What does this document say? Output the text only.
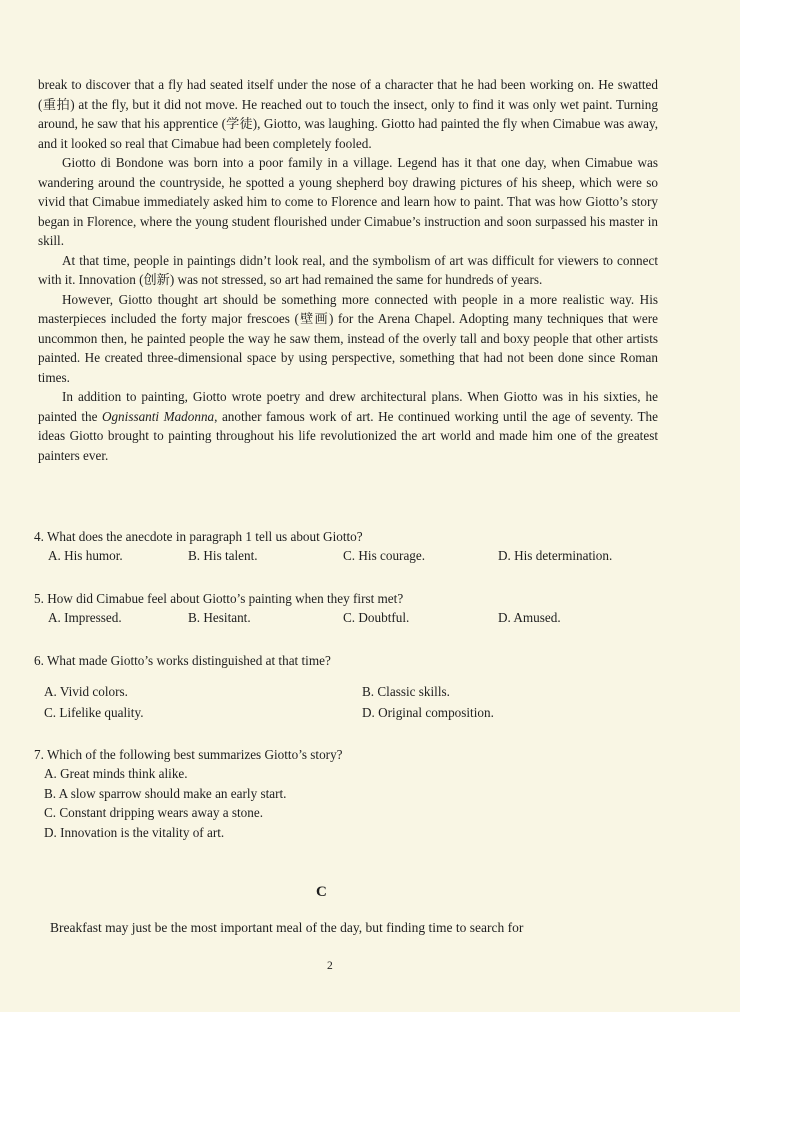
break to discover that a fly had seated itself under the nose of a character that he had been working on. He swatted (重拍) at the fly, but it did not move. He reached out to touch the insect, only to find it was only wet paint. Turning around, he saw that his apprentice (学徒), Giotto, was laughing. Giotto had painted the fly when Cimabue was away, and it looked so real that Cimabue had been completely fooled.

Giotto di Bondone was born into a poor family in a village. Legend has it that one day, when Cimabue was wandering around the countryside, he spotted a young shepherd boy drawing pictures of his sheep, which were so vivid that Cimabue immediately asked him to come to Florence and learn how to paint. That was how Giotto’s story began in Florence, where the young student flourished under Cimabue’s instruction and soon surpassed his master in skill.

At that time, people in paintings didn’t look real, and the symbolism of art was difficult for viewers to connect with it. Innovation (创新) was not stressed, so art had remained the same for hundreds of years.

However, Giotto thought art should be something more connected with people in a more realistic way. His masterpieces included the forty major frescoes (壁画) for the Arena Chapel. Adopting many techniques that were uncommon then, he painted people the way he saw them, instead of the overly tall and boxy people that other artists painted. He created three-dimensional space by using perspective, something that had not been done since Roman times.

In addition to painting, Giotto wrote poetry and drew architectural plans. When Giotto was in his sixties, he painted the Ognissanti Madonna, another famous work of art. He continued working until the age of seventy. The ideas Giotto brought to painting throughout his life revolutionized the art world and made him one of the greatest painters ever.

4. What does the anecdote in paragraph 1 tell us about Giotto?

A. His humor.	B. His talent.	C. His courage.	D. His determination.

5. How did Cimabue feel about Giotto’s painting when they first met?

A. Impressed.	B. Hesitant.	C. Doubtful.	D. Amused.

6. What made Giotto’s works distinguished at that time?

A. Vivid colors.	B. Classic skills.
C. Lifelike quality.	D. Original composition.

7. Which of the following best summarizes Giotto’s story?

A. Great minds think alike.
B. A slow sparrow should make an early start.
C. Constant dripping wears away a stone.
D. Innovation is the vitality of art.
C
Breakfast may just be the most important meal of the day, but finding time to search for
2
